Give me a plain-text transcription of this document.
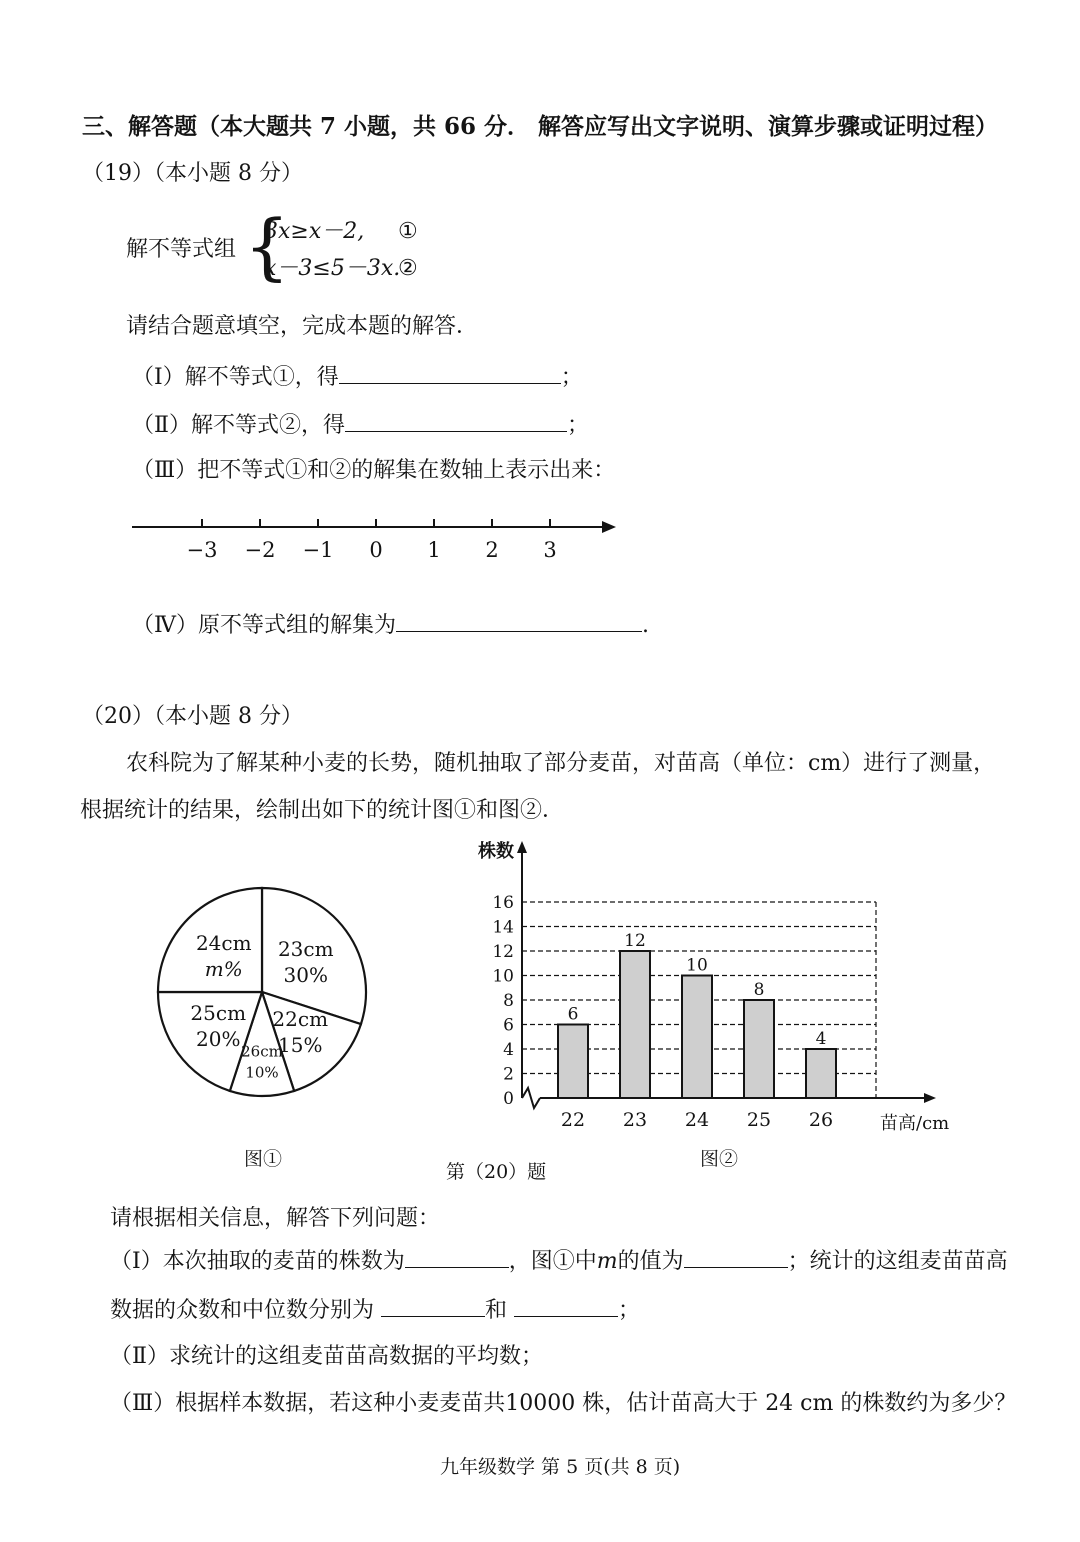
三、解答题（本大题共 7 小题，共 66 分． 解答应写出文字说明、演算步骤或证明过程）
（19）（本小题 8 分）
解不等式组 {
3x≥x－2, ①
x－3≤5－3x.
②
请结合题意填空，完成本题的解答．
（Ⅰ）解不等式①，得	；
（Ⅱ）解不等式②，得	；
（Ⅲ）把不等式①和②的解集在数轴上表示出来：
−3 −2 −1 0 1 2 3
（Ⅳ）原不等式组的解集为	.
（20）（本小题 8 分）
农科院为了解某种小麦的长势，随机抽取了部分麦苗，对苗高（单位：cm）进行了测量，
根据统计的结果，绘制出如下的统计图①和图②．
23cm
30%
22cm
15%
26cm
10%
25cm
20%
24cm
m%
0
2
4
6
8
10
12
14
16
株数
苗高/cm
6
22
12
23
10
24
8
25
4
26
图①	图②
第（20）题
请根据相关信息，解答下列问题：
（Ⅰ）本次抽取的麦苗的株数为	，图①中m的值为	；统计的这组麦苗苗高
数据的众数和中位数分别为	和	；
（Ⅱ）求统计的这组麦苗苗高数据的平均数；
（Ⅲ）根据样本数据，若这种小麦麦苗共10000 株，估计苗高大于 24 cm 的株数约为多少？
九年级数学 第 5 页(共 8 页)
